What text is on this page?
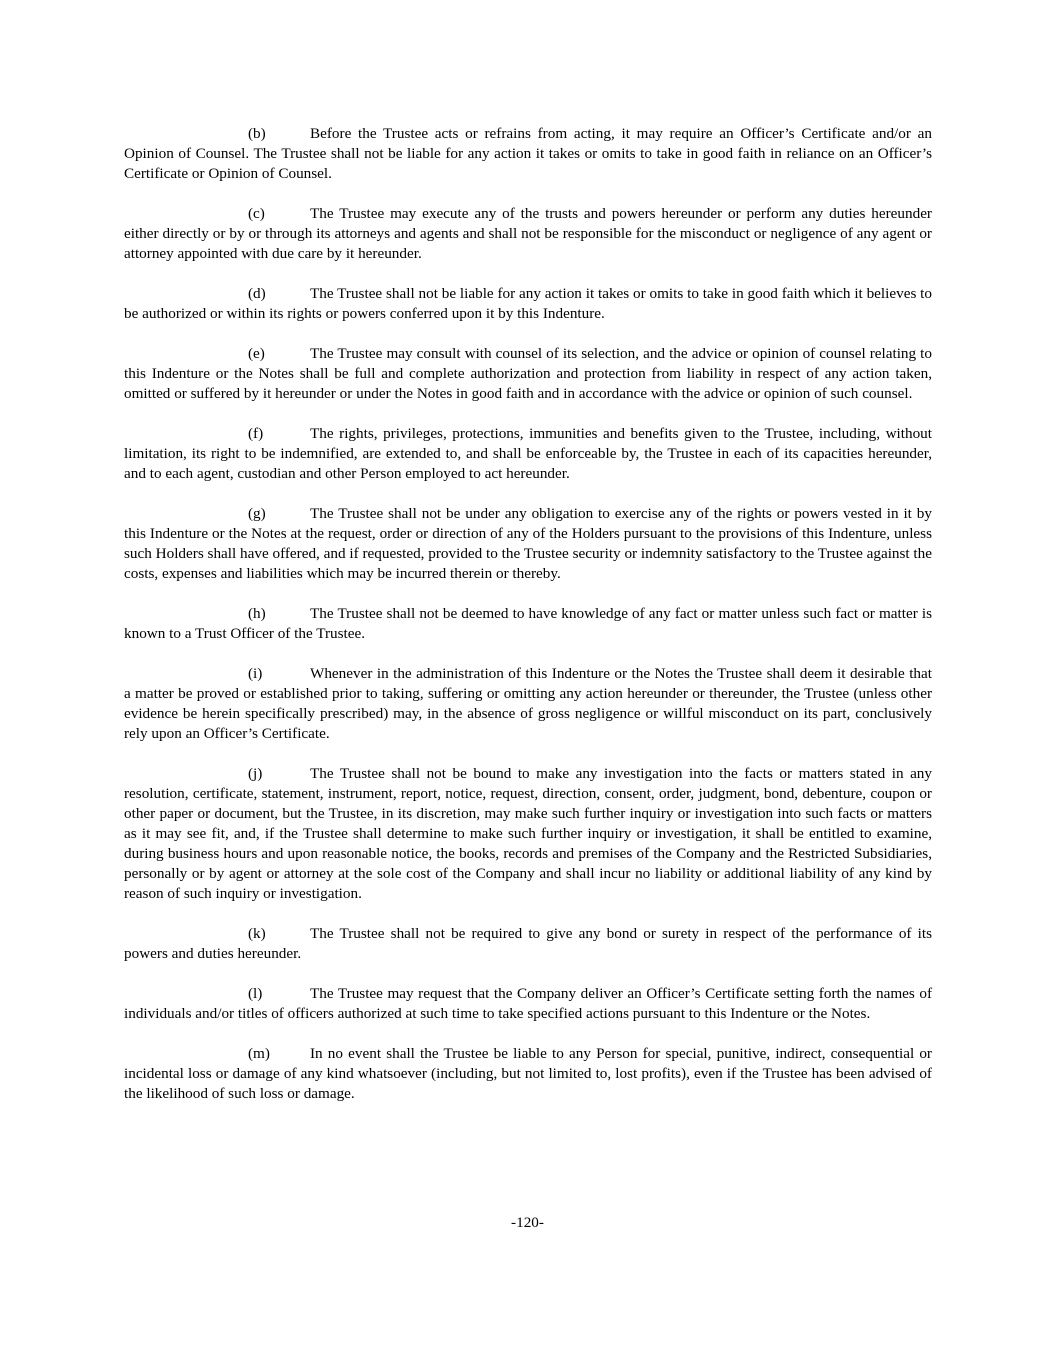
(b)	Before the Trustee acts or refrains from acting, it may require an Officer’s Certificate and/or an Opinion of Counsel. The Trustee shall not be liable for any action it takes or omits to take in good faith in reliance on an Officer’s Certificate or Opinion of Counsel.

(c)	The Trustee may execute any of the trusts and powers hereunder or perform any duties hereunder either directly or by or through its attorneys and agents and shall not be responsible for the misconduct or negligence of any agent or attorney appointed with due care by it hereunder.

(d)	The Trustee shall not be liable for any action it takes or omits to take in good faith which it believes to be authorized or within its rights or powers conferred upon it by this Indenture.

(e)	The Trustee may consult with counsel of its selection, and the advice or opinion of counsel relating to this Indenture or the Notes shall be full and complete authorization and protection from liability in respect of any action taken, omitted or suffered by it hereunder or under the Notes in good faith and in accordance with the advice or opinion of such counsel.

(f)	The rights, privileges, protections, immunities and benefits given to the Trustee, including, without limitation, its right to be indemnified, are extended to, and shall be enforceable by, the Trustee in each of its capacities hereunder, and to each agent, custodian and other Person employed to act hereunder.

(g)	The Trustee shall not be under any obligation to exercise any of the rights or powers vested in it by this Indenture or the Notes at the request, order or direction of any of the Holders pursuant to the provisions of this Indenture, unless such Holders shall have offered, and if requested, provided to the Trustee security or indemnity satisfactory to the Trustee against the costs, expenses and liabilities which may be incurred therein or thereby.

(h)	The Trustee shall not be deemed to have knowledge of any fact or matter unless such fact or matter is known to a Trust Officer of the Trustee.

(i)	Whenever in the administration of this Indenture or the Notes the Trustee shall deem it desirable that a matter be proved or established prior to taking, suffering or omitting any action hereunder or thereunder, the Trustee (unless other evidence be herein specifically prescribed) may, in the absence of gross negligence or willful misconduct on its part, conclusively rely upon an Officer’s Certificate.

(j)	The Trustee shall not be bound to make any investigation into the facts or matters stated in any resolution, certificate, statement, instrument, report, notice, request, direction, consent, order, judgment, bond, debenture, coupon or other paper or document, but the Trustee, in its discretion, may make such further inquiry or investigation into such facts or matters as it may see fit, and, if the Trustee shall determine to make such further inquiry or investigation, it shall be entitled to examine, during business hours and upon reasonable notice, the books, records and premises of the Company and the Restricted Subsidiaries, personally or by agent or attorney at the sole cost of the Company and shall incur no liability or additional liability of any kind by reason of such inquiry or investigation.

(k)	The Trustee shall not be required to give any bond or surety in respect of the performance of its powers and duties hereunder.

(l)	The Trustee may request that the Company deliver an Officer’s Certificate setting forth the names of individuals and/or titles of officers authorized at such time to take specified actions pursuant to this Indenture or the Notes.

(m)	In no event shall the Trustee be liable to any Person for special, punitive, indirect, consequential or incidental loss or damage of any kind whatsoever (including, but not limited to, lost profits), even if the Trustee has been advised of the likelihood of such loss or damage.

-120-
